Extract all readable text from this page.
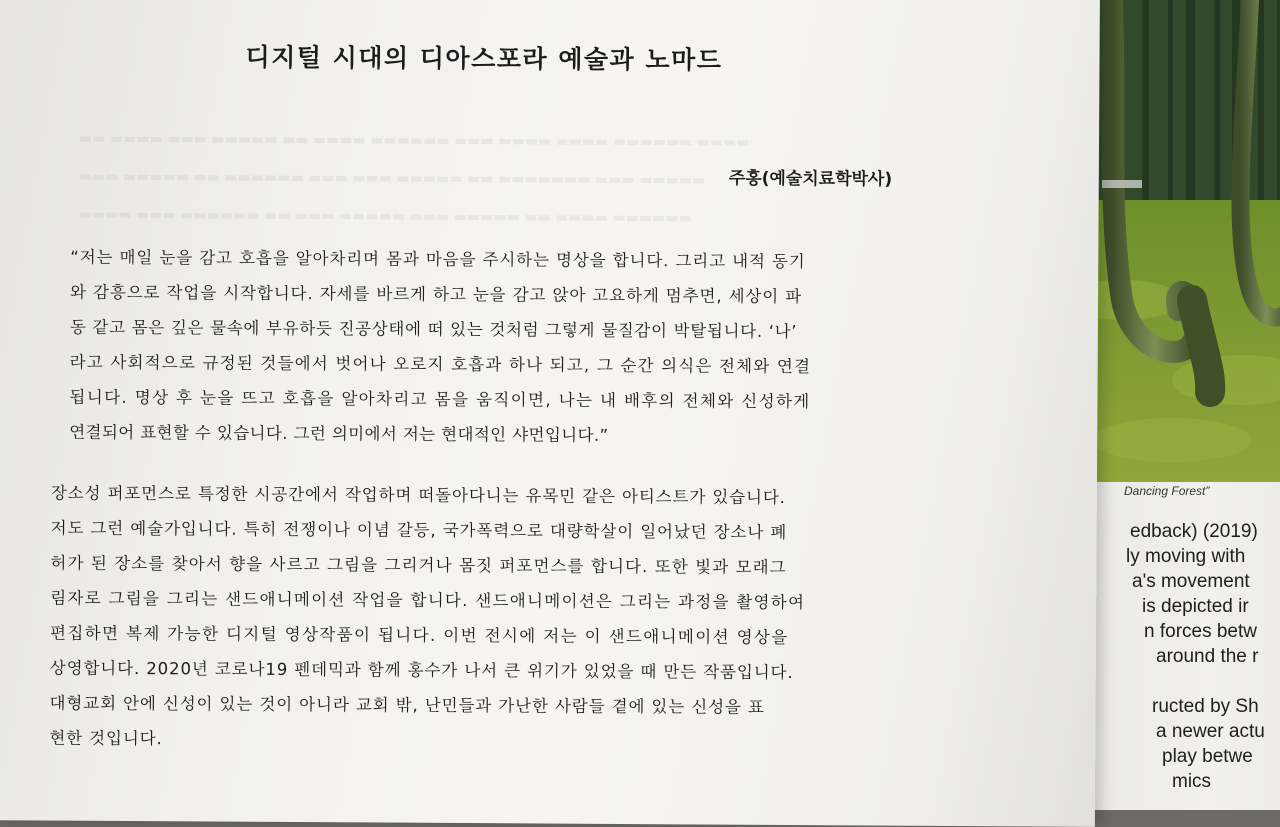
Dancing Forest”
edback) (2019)
ly moving with
a's movement
is depicted ir
n forces betw
around the r
ructed by Sh
a newer actu
play betwe
mics
▬▬ ▬▬▬▬ ▬▬▬ ▬▬▬▬▬ ▬▬ ▬▬▬▬ ▬▬▬▬▬▬ ▬▬▬ ▬▬▬▬ ▬▬▬▬ ▬▬▬▬▬▬ ▬▬▬▬
▬▬▬ ▬▬▬▬▬ ▬▬ ▬▬▬▬▬▬ ▬▬▬ ▬▬▬ ▬▬▬▬▬ ▬▬ ▬▬▬▬▬▬▬ ▬▬▬ ▬▬▬▬▬
▬▬▬▬ ▬▬▬ ▬▬▬▬▬▬ ▬▬ ▬▬▬ ▬▬▬▬▬ ▬▬▬ ▬▬▬▬▬ ▬▬ ▬▬▬▬ ▬▬▬▬▬▬
디지털 시대의 디아스포라 예술과 노마드
주홍(예술치료학박사)
“저는 매일 눈을 감고 호흡을 알아차리며 몸과 마음을 주시하는 명상을 합니다. 그리고 내적 동기
와 감흥으로 작업을 시작합니다. 자세를 바르게 하고 눈을 감고 앉아 고요하게 멈추면, 세상이 파
동 같고 몸은 깊은 물속에 부유하듯 진공상태에 떠 있는 것처럼 그렇게 물질감이 박탈됩니다. ‘나’
라고 사회적으로 규정된 것들에서 벗어나 오로지 호흡과 하나 되고, 그 순간 의식은 전체와 연결
됩니다. 명상 후 눈을 뜨고 호흡을 알아차리고 몸을 움직이면, 나는 내 배후의 전체와 신성하게
연결되어 표현할 수 있습니다. 그런 의미에서 저는 현대적인 샤먼입니다.”
장소성 퍼포먼스로 특정한 시공간에서 작업하며 떠돌아다니는 유목민 같은 아티스트가 있습니다.
저도 그런 예술가입니다. 특히 전쟁이나 이념 갈등, 국가폭력으로 대량학살이 일어났던 장소나 폐
허가 된 장소를 찾아서 향을 사르고 그림을 그리거나 몸짓 퍼포먼스를 합니다. 또한 빛과 모래그
림자로 그림을 그리는 샌드애니메이션 작업을 합니다. 샌드애니메이션은 그리는 과정을 촬영하여
편집하면 복제 가능한 디지털 영상작품이 됩니다. 이번 전시에 저는 이 샌드애니메이션 영상을
상영합니다. 2020년 코로나19 펜데믹과 함께 홍수가 나서 큰 위기가 있었을 때 만든 작품입니다.
대형교회 안에 신성이 있는 것이 아니라 교회 밖, 난민들과 가난한 사람들 곁에 있는 신성을 표
현한 것입니다.
